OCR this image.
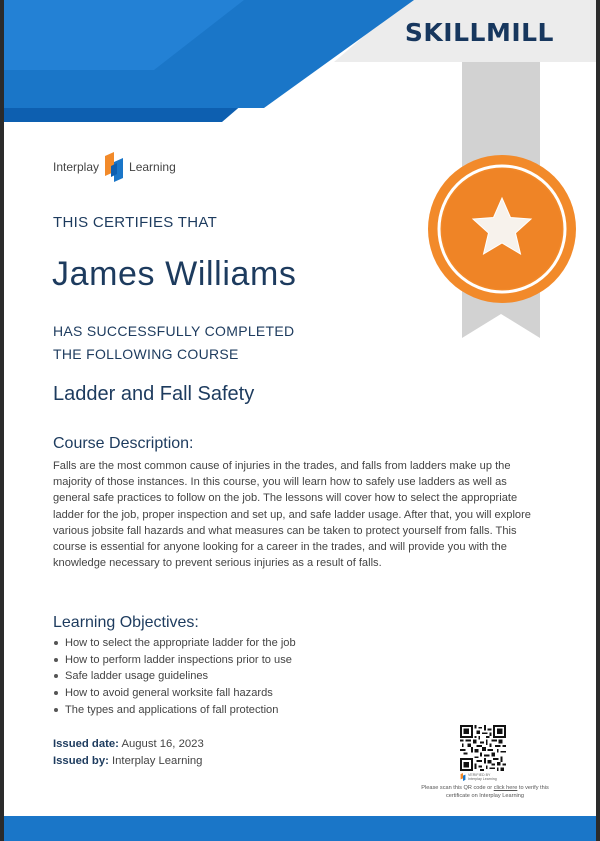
SKILLMILL
Interplay	Learning
THIS CERTIFIES THAT
James Williams
HAS SUCCESSFULLY COMPLETED
THE FOLLOWING COURSE
Ladder and Fall Safety
Course Description:
Falls are the most common cause of injuries in the trades, and falls from ladders make up the majority of those instances. In this course, you will learn how to safely use ladders as well as general safe practices to follow on the job. The lessons will cover how to select the appropriate ladder for the job, proper inspection and set up, and safe ladder usage. After that, you will explore various jobsite fall hazards and what measures can be taken to protect yourself from falls. This course is essential for anyone looking for a career in the trades, and will provide you with the knowledge necessary to prevent serious injuries as a result of falls.
Learning Objectives:
How to select the appropriate ladder for the job
How to perform ladder inspections prior to use
Safe ladder usage guidelines
How to avoid general worksite fall hazards
The types and applications of fall protection
Issued date: August 16, 2023
Issued by: Interplay Learning
VERIFIED BY
Interplay Learning
Please scan this QR code or click here to verify this certificate on Interplay Learning
